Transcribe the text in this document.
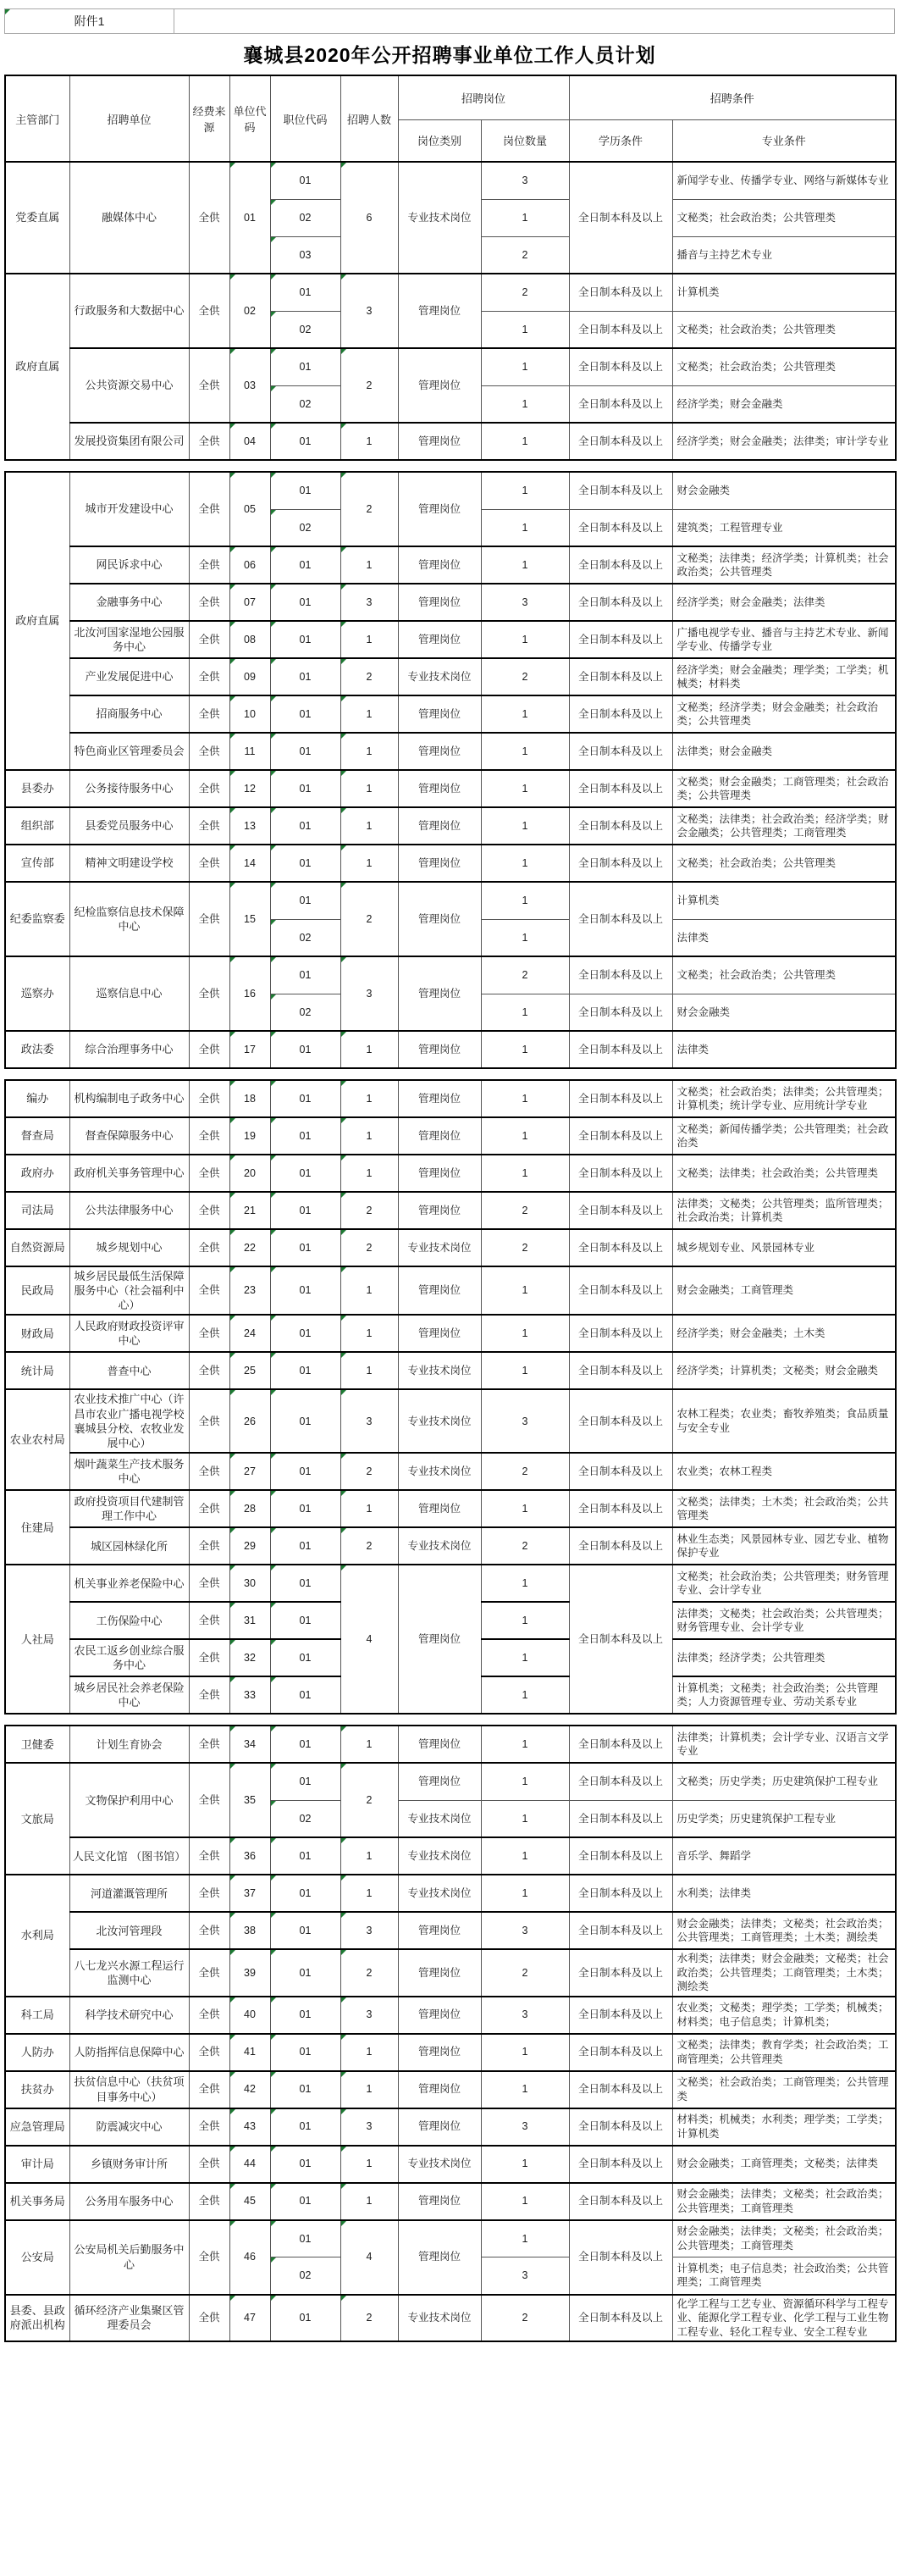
附件1
襄城县2020年公开招聘事业单位工作人员计划
主管部门	招聘单位	经费来源	单位代码	职位代码	招聘人数	招聘岗位		招聘条件	
						岗位类别	岗位数量	学历条件	专业条件
党委直属	融媒体中心	全供	01	01	6	专业技术岗位	3	全日制本科及以上	新闻学专业、传播学专业、网络与新媒体专业
				02			1		文秘类；社会政治类；公共管理类
				03			2		播音与主持艺术专业
政府直属	行政服务和大数据中心	全供	02	01	3	管理岗位	2	全日制本科及以上	计算机类
				02			1	全日制本科及以上	文秘类；社会政治类；公共管理类
	公共资源交易中心	全供	03	01	2	管理岗位	1	全日制本科及以上	文秘类；社会政治类；公共管理类
				02			1	全日制本科及以上	经济学类；财会金融类
	发展投资集团有限公司	全供	04	01	1	管理岗位	1	全日制本科及以上	经济学类；财会金融类；法律类；审计学专业
政府直属	城市开发建设中心	全供	05	01	2	管理岗位	1	全日制本科及以上	财会金融类
				02			1	全日制本科及以上	建筑类；工程管理专业
	网民诉求中心	全供	06	01	1	管理岗位	1	全日制本科及以上	文秘类；法律类；经济学类；计算机类；社会政治类；公共管理类
	金融事务中心	全供	07	01	3	管理岗位	3	全日制本科及以上	经济学类；财会金融类；法律类
	北汝河国家湿地公园服务中心	全供	08	01	1	管理岗位	1	全日制本科及以上	广播电视学专业、播音与主持艺术专业、新闻学专业、传播学专业
	产业发展促进中心	全供	09	01	2	专业技术岗位	2	全日制本科及以上	经济学类；财会金融类；理学类；工学类；机械类；材料类
	招商服务中心	全供	10	01	1	管理岗位	1	全日制本科及以上	文秘类；经济学类；财会金融类；社会政治类；公共管理类
	特色商业区管理委员会	全供	11	01	1	管理岗位	1	全日制本科及以上	法律类；财会金融类
县委办	公务接待服务中心	全供	12	01	1	管理岗位	1	全日制本科及以上	文秘类；财会金融类；工商管理类；社会政治类；公共管理类
组织部	县委党员服务中心	全供	13	01	1	管理岗位	1	全日制本科及以上	文秘类；法律类；社会政治类；经济学类；财会金融类；公共管理类；工商管理类
宣传部	精神文明建设学校	全供	14	01	1	管理岗位	1	全日制本科及以上	文秘类；社会政治类；公共管理类
纪委监察委	纪检监察信息技术保障中心	全供	15	01	2	管理岗位	1	全日制本科及以上	计算机类
				02			1		法律类
巡察办	巡察信息中心	全供	16	01	3	管理岗位	2	全日制本科及以上	文秘类；社会政治类；公共管理类
				02			1	全日制本科及以上	财会金融类
政法委	综合治理事务中心	全供	17	01	1	管理岗位	1	全日制本科及以上	法律类
编办	机构编制电子政务中心	全供	18	01	1	管理岗位	1	全日制本科及以上	文秘类；社会政治类；法律类；公共管理类；计算机类；统计学专业、应用统计学专业
督查局	督查保障服务中心	全供	19	01	1	管理岗位	1	全日制本科及以上	文秘类；新闻传播学类；公共管理类；社会政治类
政府办	政府机关事务管理中心	全供	20	01	1	管理岗位	1	全日制本科及以上	文秘类；法律类；社会政治类；公共管理类
司法局	公共法律服务中心	全供	21	01	2	管理岗位	2	全日制本科及以上	法律类；文秘类；公共管理类；监所管理类；社会政治类；计算机类
自然资源局	城乡规划中心	全供	22	01	2	专业技术岗位	2	全日制本科及以上	城乡规划专业、风景园林专业
民政局	城乡居民最低生活保障服务中心（社会福利中心）	全供	23	01	1	管理岗位	1	全日制本科及以上	财会金融类；工商管理类
财政局	人民政府财政投资评审中心	全供	24	01	1	管理岗位	1	全日制本科及以上	经济学类；财会金融类；土木类
统计局	普查中心	全供	25	01	1	专业技术岗位	1	全日制本科及以上	经济学类；计算机类；文秘类；财会金融类
农业农村局	农业技术推广中心（许昌市农业广播电视学校襄城县分校、农牧业发展中心）	全供	26	01	3	专业技术岗位	3	全日制本科及以上	农林工程类；农业类；畜牧养殖类；食品质量与安全专业
	烟叶蔬菜生产技术服务中心	全供	27	01	2	专业技术岗位	2	全日制本科及以上	农业类；农林工程类
住建局	政府投资项目代建制管理工作中心	全供	28	01	1	管理岗位	1	全日制本科及以上	文秘类；法律类；土木类；社会政治类；公共管理类
	城区园林绿化所	全供	29	01	2	专业技术岗位	2	全日制本科及以上	林业生态类；风景园林专业、园艺专业、植物保护专业
人社局	机关事业养老保险中心	全供	30	01	4	管理岗位	1	全日制本科及以上	文秘类；社会政治类；公共管理类；财务管理专业、会计学专业
	工伤保险中心	全供	31	01			1		法律类；文秘类；社会政治类；公共管理类；财务管理专业、会计学专业
	农民工返乡创业综合服务中心	全供	32	01			1		法律类；经济学类；公共管理类
	城乡居民社会养老保险中心	全供	33	01			1		计算机类；文秘类；社会政治类；公共管理类；人力资源管理专业、劳动关系专业
卫健委	计划生育协会	全供	34	01	1	管理岗位	1	全日制本科及以上	法律类；计算机类；会计学专业、汉语言文学专业
文旅局	文物保护利用中心	全供	35	01	2	管理岗位	1	全日制本科及以上	文秘类；历史学类；历史建筑保护工程专业
				02		专业技术岗位	1	全日制本科及以上	历史学类；历史建筑保护工程专业
	人民文化馆 （图书馆）	全供	36	01	1	专业技术岗位	1	全日制本科及以上	音乐学、舞蹈学
水利局	河道灌溉管理所	全供	37	01	1	专业技术岗位	1	全日制本科及以上	水利类；法律类
	北汝河管理段	全供	38	01	3	管理岗位	3	全日制本科及以上	财会金融类；法律类；文秘类；社会政治类；公共管理类；工商管理类；土木类；测绘类
	八七龙兴水源工程运行监测中心	全供	39	01	2	管理岗位	2	全日制本科及以上	水利类；法律类；财会金融类；文秘类；社会政治类；公共管理类；工商管理类；土木类；测绘类
科工局	科学技术研究中心	全供	40	01	3	管理岗位	3	全日制本科及以上	农业类；文秘类；理学类；工学类；机械类；材料类；电子信息类；计算机类；
人防办	人防指挥信息保障中心	全供	41	01	1	管理岗位	1	全日制本科及以上	文秘类；法律类；教育学类；社会政治类；工商管理类；公共管理类
扶贫办	扶贫信息中心（扶贫项目事务中心）	全供	42	01	1	管理岗位	1	全日制本科及以上	文秘类；社会政治类；工商管理类；公共管理类
应急管理局	防震减灾中心	全供	43	01	3	管理岗位	3	全日制本科及以上	材料类；机械类；水利类；理学类；工学类；计算机类
审计局	乡镇财务审计所	全供	44	01	1	专业技术岗位	1	全日制本科及以上	财会金融类；工商管理类；文秘类；法律类
机关事务局	公务用车服务中心	全供	45	01	1	管理岗位	1	全日制本科及以上	财会金融类；法律类；文秘类；社会政治类；公共管理类；工商管理类
公安局	公安局机关后勤服务中心	全供	46	01	4	管理岗位	1	全日制本科及以上	财会金融类；法律类；文秘类；社会政治类；公共管理类；工商管理类
				02			3		计算机类；电子信息类；社会政治类；公共管理类；工商管理类
县委、县政府派出机构	循环经济产业集聚区管理委员会	全供	47	01	2	专业技术岗位	2	全日制本科及以上	化学工程与工艺专业、资源循环科学与工程专业、能源化学工程专业、化学工程与工业生物工程专业、轻化工程专业、安全工程专业
